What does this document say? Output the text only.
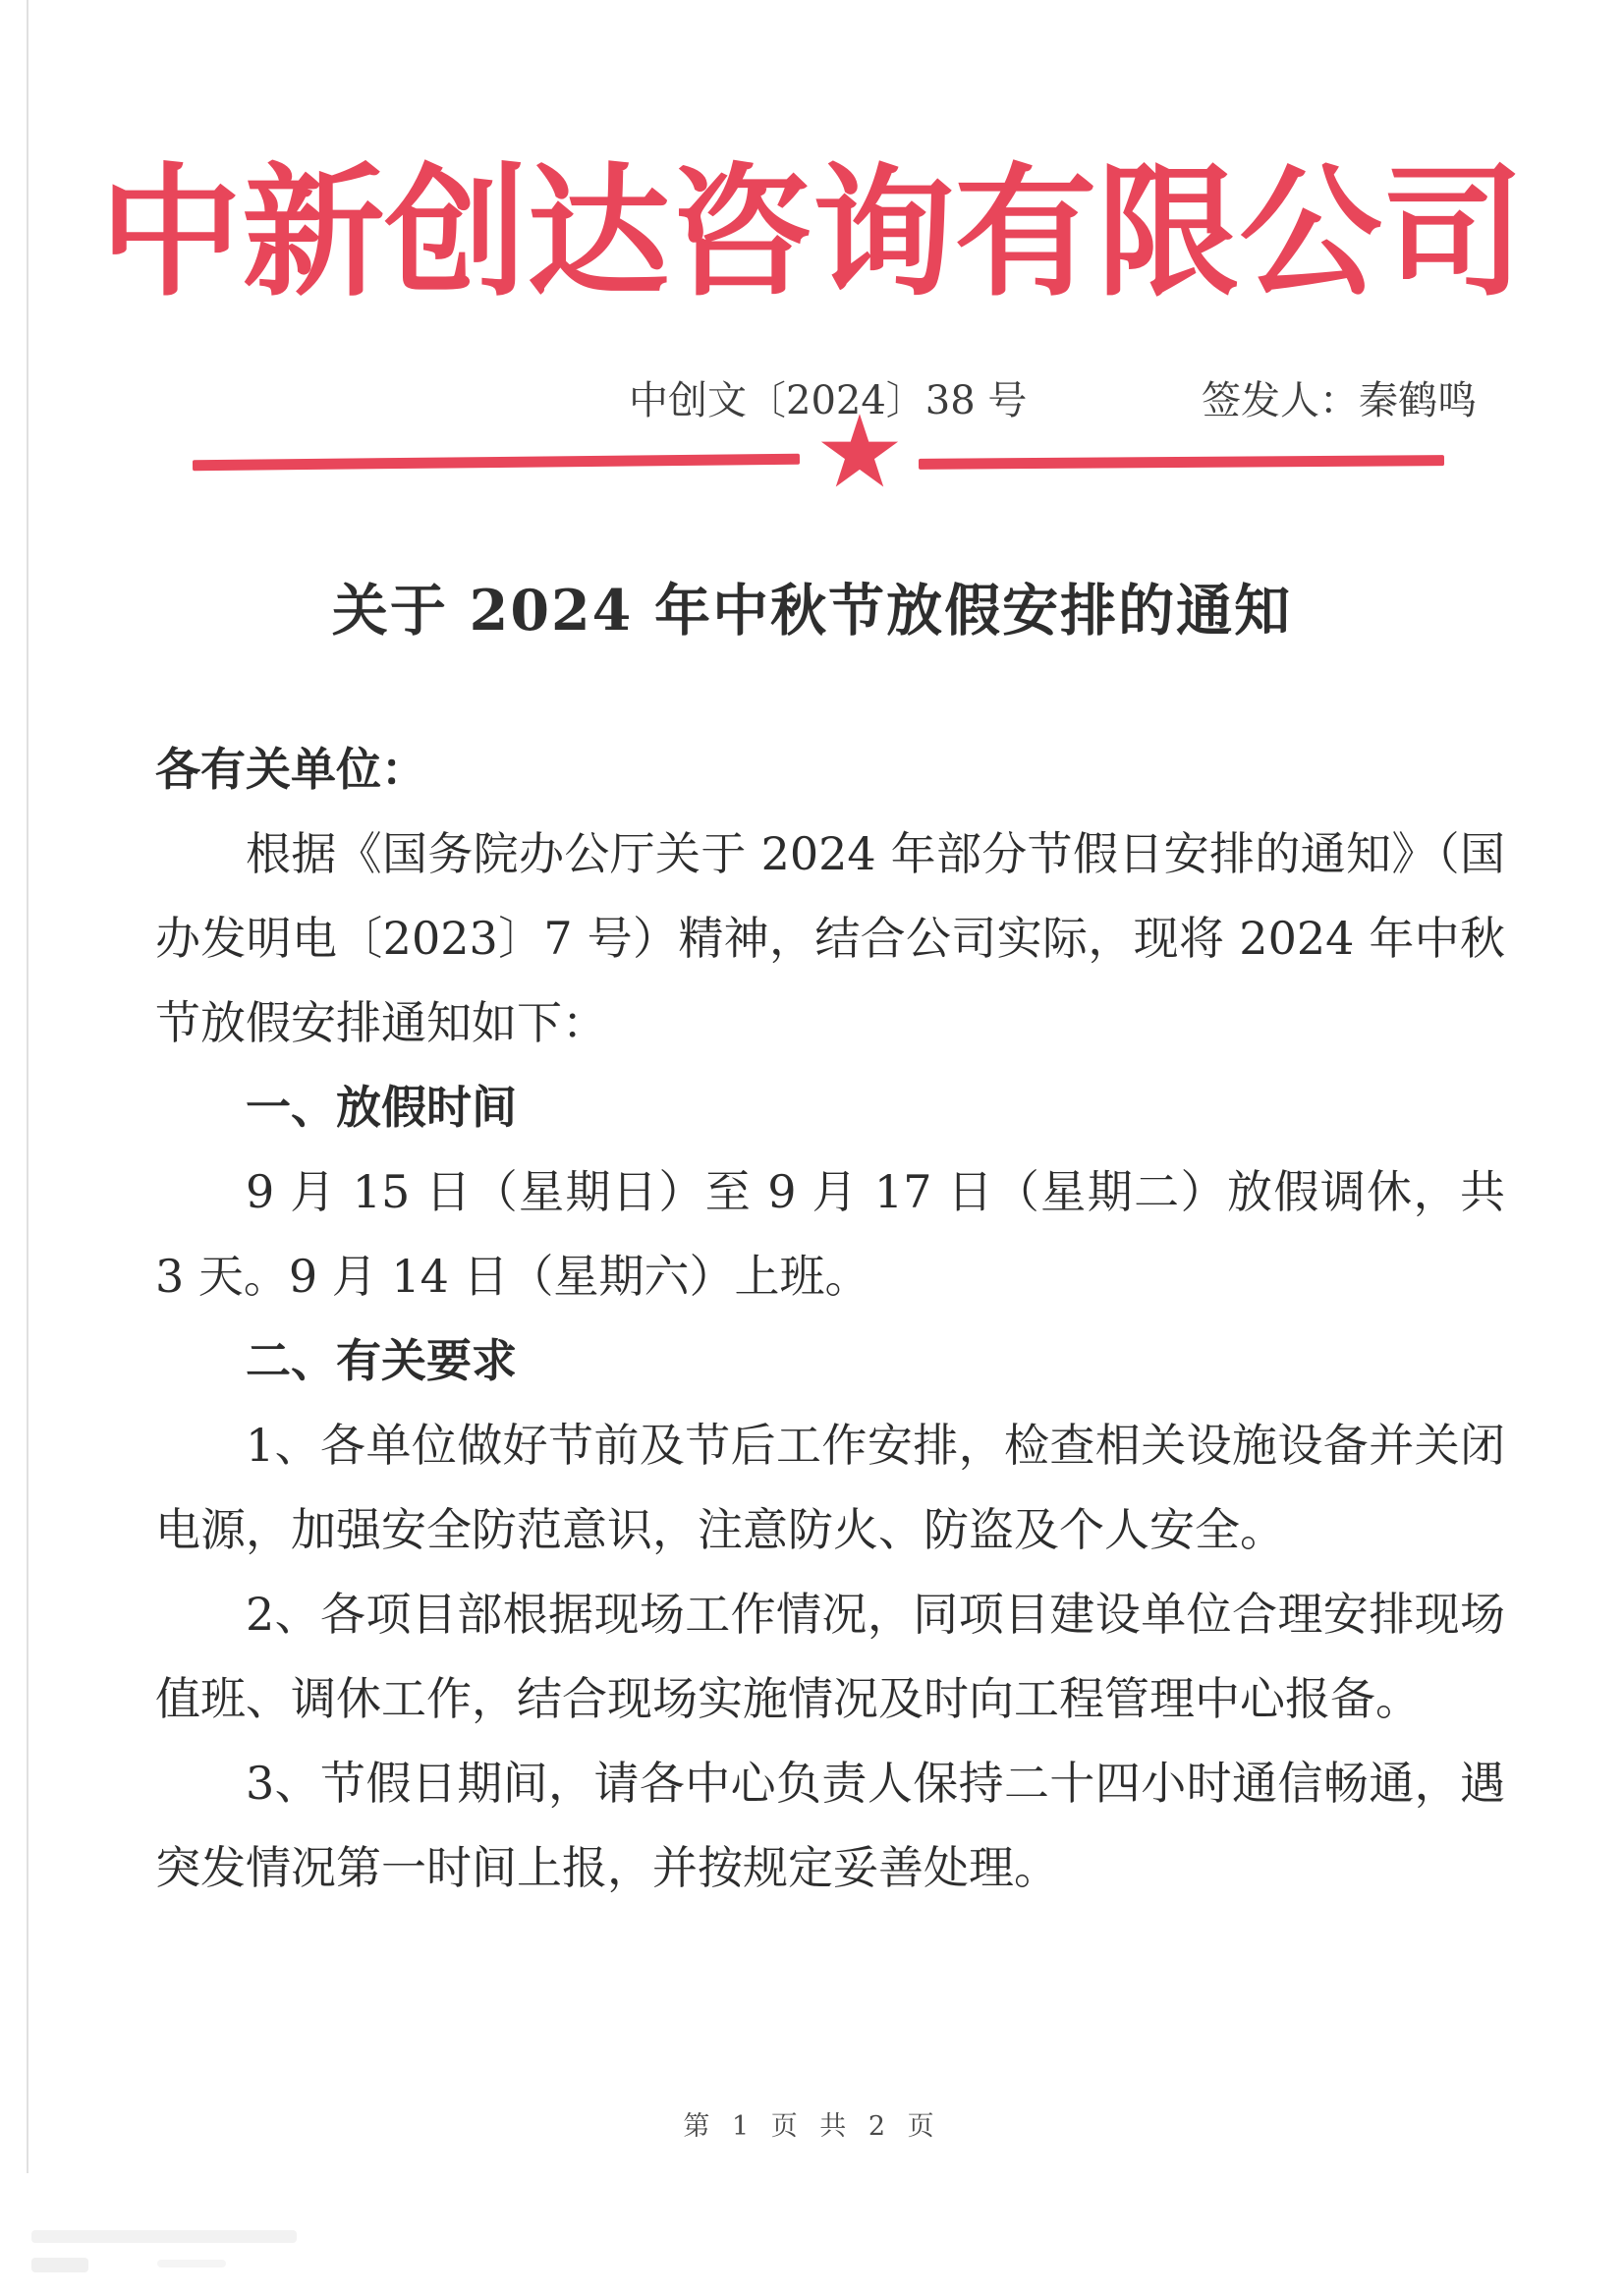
中新创达咨询有限公司
中创文〔2024〕38 号	签发人：秦鹤鸣
★
关于 2024 年中秋节放假安排的通知

各有关单位：

根据《国务院办公厅关于 2024 年部分节假日安排的通知》（国办发明电〔2023〕7 号）精神，结合公司实际，现将 2024 年中秋节放假安排通知如下：

一、放假时间

9 月 15 日（星期日）至 9 月 17 日（星期二）放假调休，共 3 天。9 月 14 日（星期六）上班。

二、有关要求

1、各单位做好节前及节后工作安排，检查相关设施设备并关闭电源，加强安全防范意识，注意防火、防盗及个人安全。

2、各项目部根据现场工作情况，同项目建设单位合理安排现场值班、调休工作，结合现场实施情况及时向工程管理中心报备。

3、节假日期间，请各中心负责人保持二十四小时通信畅通，遇突发情况第一时间上报，并按规定妥善处理。

第 1 页 共 2 页
